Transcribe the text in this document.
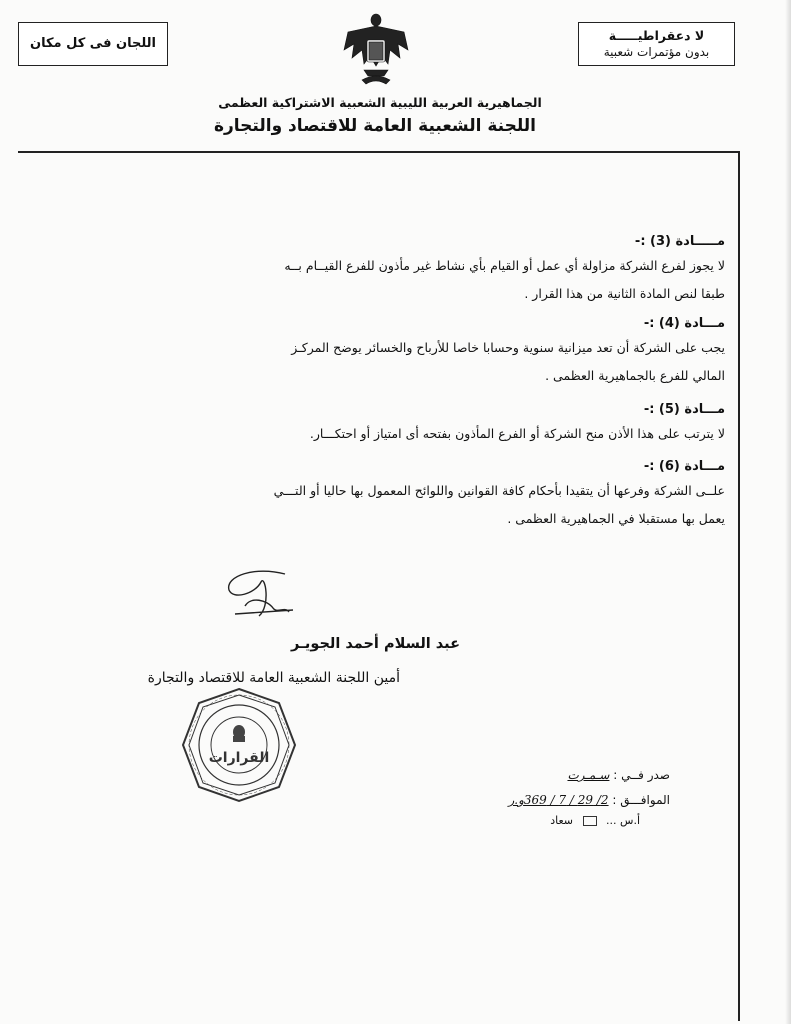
اللجان فى كل مكان
لا دعقراطيـــــة
بدون مؤتمرات شعبية
الجماهيرية العربية الليبية الشعبية الاشتراكية العظمى
اللجنة الشعبية العامة للاقتصاد والتجارة
مـــــادة (3) :-
لا يجوز لفرع الشركة مزاولة أي عمل أو القيام بأي نشاط غير مأذون للفرع القيــام بــه
طبقا لنص المادة الثانية من هذا القرار .
مـــادة (4) :-
يجب على الشركة أن تعد ميزانية سنوية وحسابا خاصا للأرباح والخسائر يوضح المركـز
المالي للفرع بالجماهيرية العظمى .
مـــادة (5) :-
لا يترتب على هذا الأذن منح الشركة أو الفرع المأذون بفتحه أى امتياز أو احتكـــار.
مـــادة (6) :-
علــى الشركة وفرعها أن يتقيدا بأحكام كافة القوانين واللوائح المعمول بها حاليا أو التـــي
يعمل بها مستقبلا في الجماهيرية العظمى .
عبد السلام أحمد الجويـر
أمين اللجنة الشعبية العامة للاقتصاد والتجارة
القرارات
صدر فــي : سـمـرت
الموافـــق : 2/ 29 / 7 / 369و.ر
أ.س ...  سعاد
